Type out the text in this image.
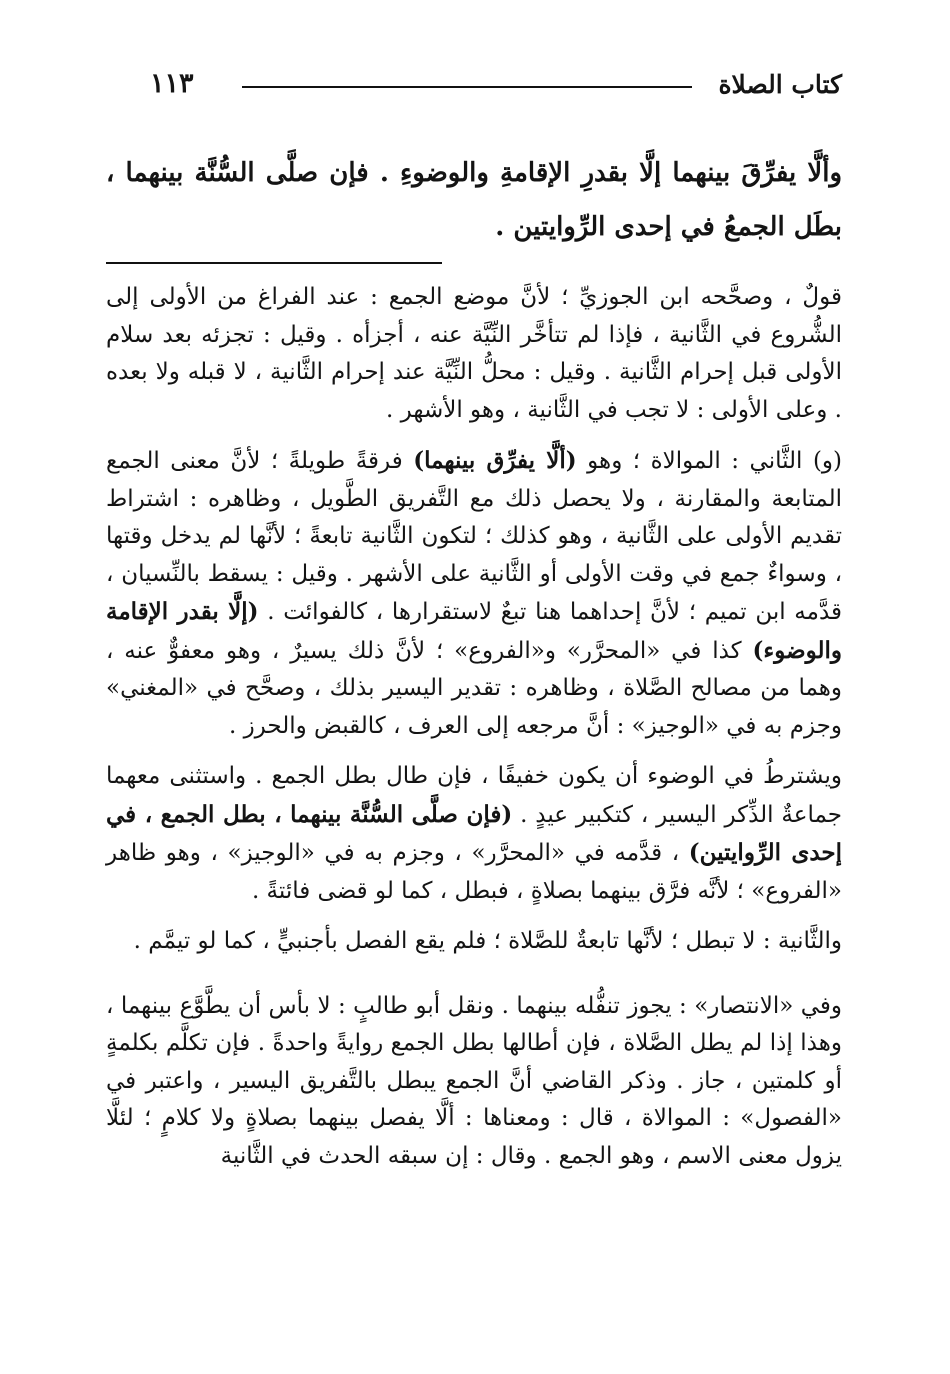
كتاب الصلاة
١١٣
وألَّا يفرِّقَ بينهما إلَّا بقدرِ الإقامةِ والوضوءِ . فإن صلَّى السُّنَّة بينهما ، بطَل الجمعُ في إحدى الرِّوايتين .

قولٌ ، وصحَّحه ابن الجوزيِّ ؛ لأنَّ موضع الجمع : عند الفراغ من الأولى إلى الشُّروع في الثَّانية ، فإذا لم تتأخَّر النِّيَّة عنه ، أجزأه . وقيل : تجزئه بعد سلام الأولى قبل إحرام الثَّانية . وقيل : محلُّ النِّيَّة عند إحرام الثَّانية ، لا قبله ولا بعده . وعلى الأولى : لا تجب في الثَّانية ، وهو الأشهر .

(و) الثَّاني : الموالاة ؛ وهو (ألَّا يفرِّق بينهما) فرقةً طويلةً ؛ لأنَّ معنى الجمع المتابعة والمقارنة ، ولا يحصل ذلك مع التَّفريق الطَّويل ، وظاهره : اشتراط تقديم الأولى على الثَّانية ، وهو كذلك ؛ لتكون الثَّانية تابعةً ؛ لأنَّها لم يدخل وقتها ، وسواءٌ جمع في وقت الأولى أو الثَّانية على الأشهر . وقيل : يسقط بالنِّسيان ، قدَّمه ابن تميم ؛ لأنَّ إحداهما هنا تبعٌ لاستقرارها ، كالفوائت . (إلَّا بقدر الإقامة والوضوء) كذا في «المحرَّر» و«الفروع» ؛ لأنَّ ذلك يسيرٌ ، وهو معفوٌّ عنه ، وهما من مصالح الصَّلاة ، وظاهره : تقدير اليسير بذلك ، وصحَّح في «المغني» وجزم به في «الوجيز» : أنَّ مرجعه إلى العرف ، كالقبض والحرز .

ويشترطُ في الوضوء أن يكون خفيفًا ، فإن طال بطل الجمع . واستثنى معهما جماعةٌ الذِّكر اليسير ، كتكبير عيدٍ . (فإن صلَّى السُّنَّة بينهما ، بطل الجمع ، في إحدى الرِّوايتين) ، قدَّمه في «المحرَّر» ، وجزم به في «الوجيز» ، وهو ظاهر «الفروع» ؛ لأنَّه فرَّق بينهما بصلاةٍ ، فبطل ، كما لو قضى فائتةً .

والثَّانية : لا تبطل ؛ لأنَّها تابعةٌ للصَّلاة ؛ فلم يقع الفصل بأجنبيٍّ ، كما لو تيمَّم .

وفي «الانتصار» : يجوز تنفُّله بينهما . ونقل أبو طالبٍ : لا بأس أن يطَّوَّع بينهما ، وهذا إذا لم يطل الصَّلاة ، فإن أطالها بطل الجمع روايةً واحدةً . فإن تكلَّم بكلمةٍ أو كلمتين ، جاز . وذكر القاضي أنَّ الجمع يبطل بالتَّفريق اليسير ، واعتبر في «الفصول» : الموالاة ، قال : ومعناها : ألَّا يفصل بينهما بصلاةٍ ولا كلامٍ ؛ لئلَّا يزول معنى الاسم ، وهو الجمع . وقال : إن سبقه الحدث في الثَّانية
